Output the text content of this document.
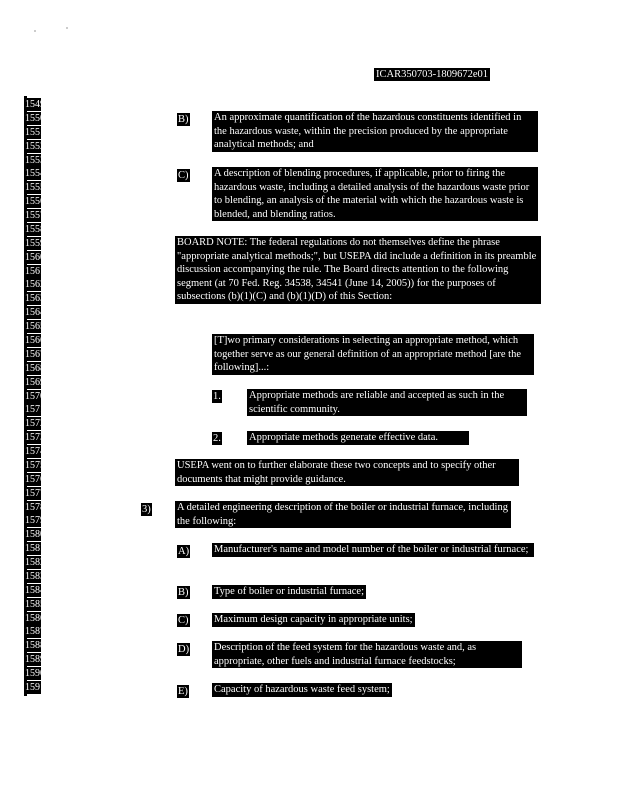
ICAR350703-1809672e01
1549
1550
1551
1552
1553
1554
1555
1556
1557
1558
1559
1560
1561
1562
1563
1564
1565
1566
1567
1568
1569
1570
1571
1572
1573
1574
1575
1576
1577
1578
1579
1580
1581
1582
1583
1584
1585
1586
1587
1588
1589
1590
1591
B) An approximate quantification of the hazardous constituents identified in the hazardous waste, within the precision produced by the appropriate analytical methods; and
C) A description of blending procedures, if applicable, prior to firing the hazardous waste, including a detailed analysis of the hazardous waste prior to blending, an analysis of the material with which the hazardous waste is blended, and blending ratios.
BOARD NOTE: The federal regulations do not themselves define the phrase "appropriate analytical methods;", but USEPA did include a definition in its preamble discussion accompanying the rule. The Board directs attention to the following segment (at 70 Fed. Reg. 34538, 34541 (June 14, 2005)) for the purposes of subsections (b)(1)(C) and (b)(1)(D) of this Section:
[T]wo primary considerations in selecting an appropriate method, which together serve as our general definition of an appropriate method [are the following]...:
1.	Appropriate methods are reliable and accepted as such in the scientific community.
2.	Appropriate methods generate effective data.
USEPA went on to further elaborate these two concepts and to specify other documents that might provide guidance.
3)	A detailed engineering description of the boiler or industrial furnace, including the following:
A) Manufacturer's name and model number of the boiler or industrial furnace;
B) Type of boiler or industrial furnace;
C) Maximum design capacity in appropriate units;
D) Description of the feed system for the hazardous waste and, as appropriate, other fuels and industrial furnace feedstocks;
E) Capacity of hazardous waste feed system;
